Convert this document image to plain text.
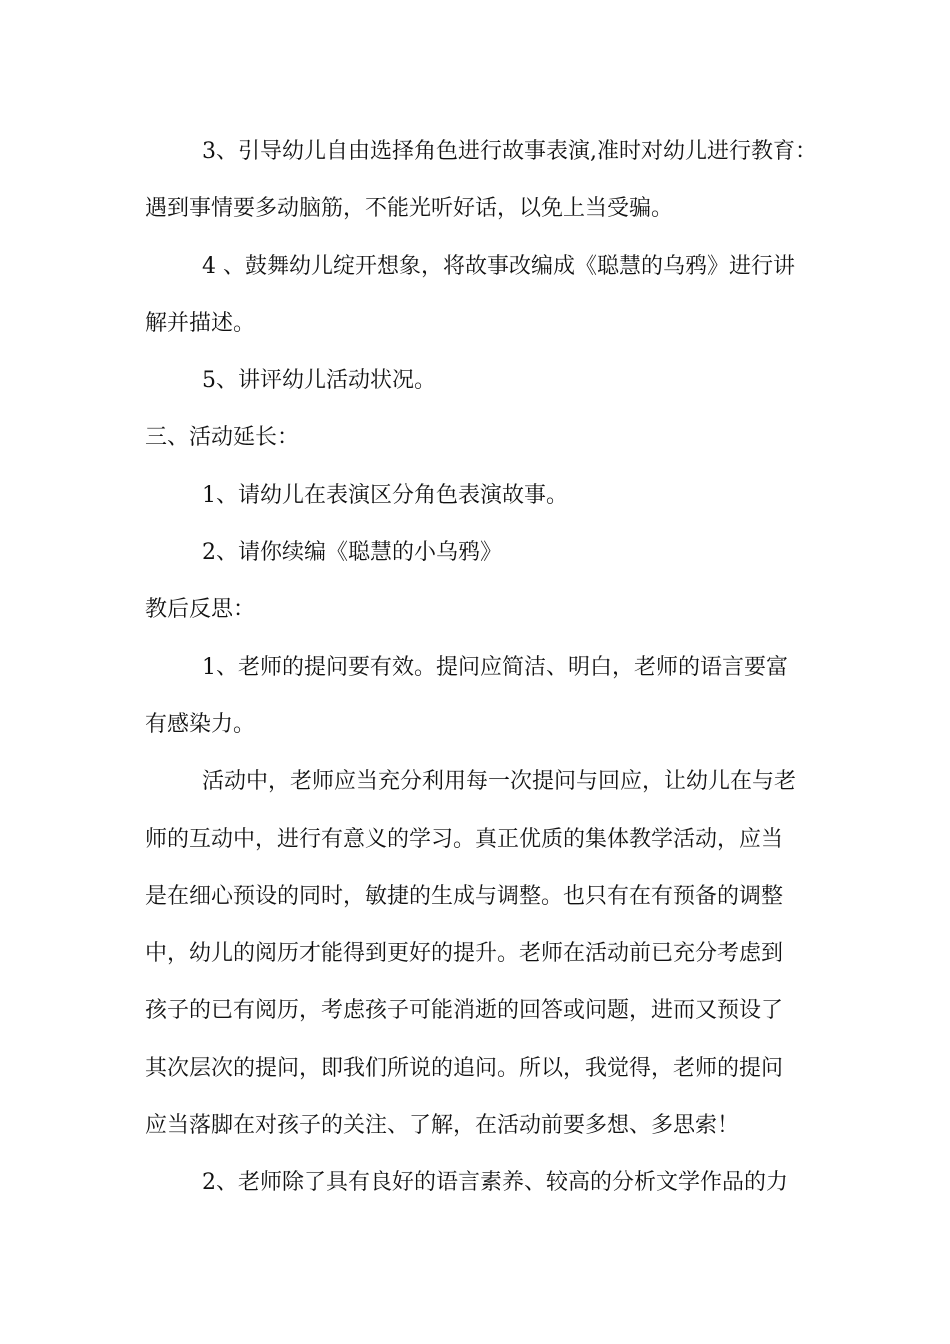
3、引导幼儿自由选择角色进行故事表演,准时对幼儿进行教育：
遇到事情要多动脑筋，不能光听好话，以免上当受骗。
4 、鼓舞幼儿绽开想象，将故事改编成《聪慧的乌鸦》进行讲
解并描述。
5、讲评幼儿活动状况。
三、活动延长：
1、请幼儿在表演区分角色表演故事。
2、请你续编《聪慧的小乌鸦》
教后反思：
1、老师的提问要有效。提问应简洁、明白，老师的语言要富
有感染力。
活动中，老师应当充分利用每一次提问与回应，让幼儿在与老
师的互动中，进行有意义的学习。真正优质的集体教学活动，应当
是在细心预设的同时，敏捷的生成与调整。也只有在有预备的调整
中，幼儿的阅历才能得到更好的提升。老师在活动前已充分考虑到
孩子的已有阅历，考虑孩子可能消逝的回答或问题，进而又预设了
其次层次的提问，即我们所说的追问。所以，我觉得，老师的提问
应当落脚在对孩子的关注、了解，在活动前要多想、多思索！
2、老师除了具有良好的语言素养、较高的分析文学作品的力
